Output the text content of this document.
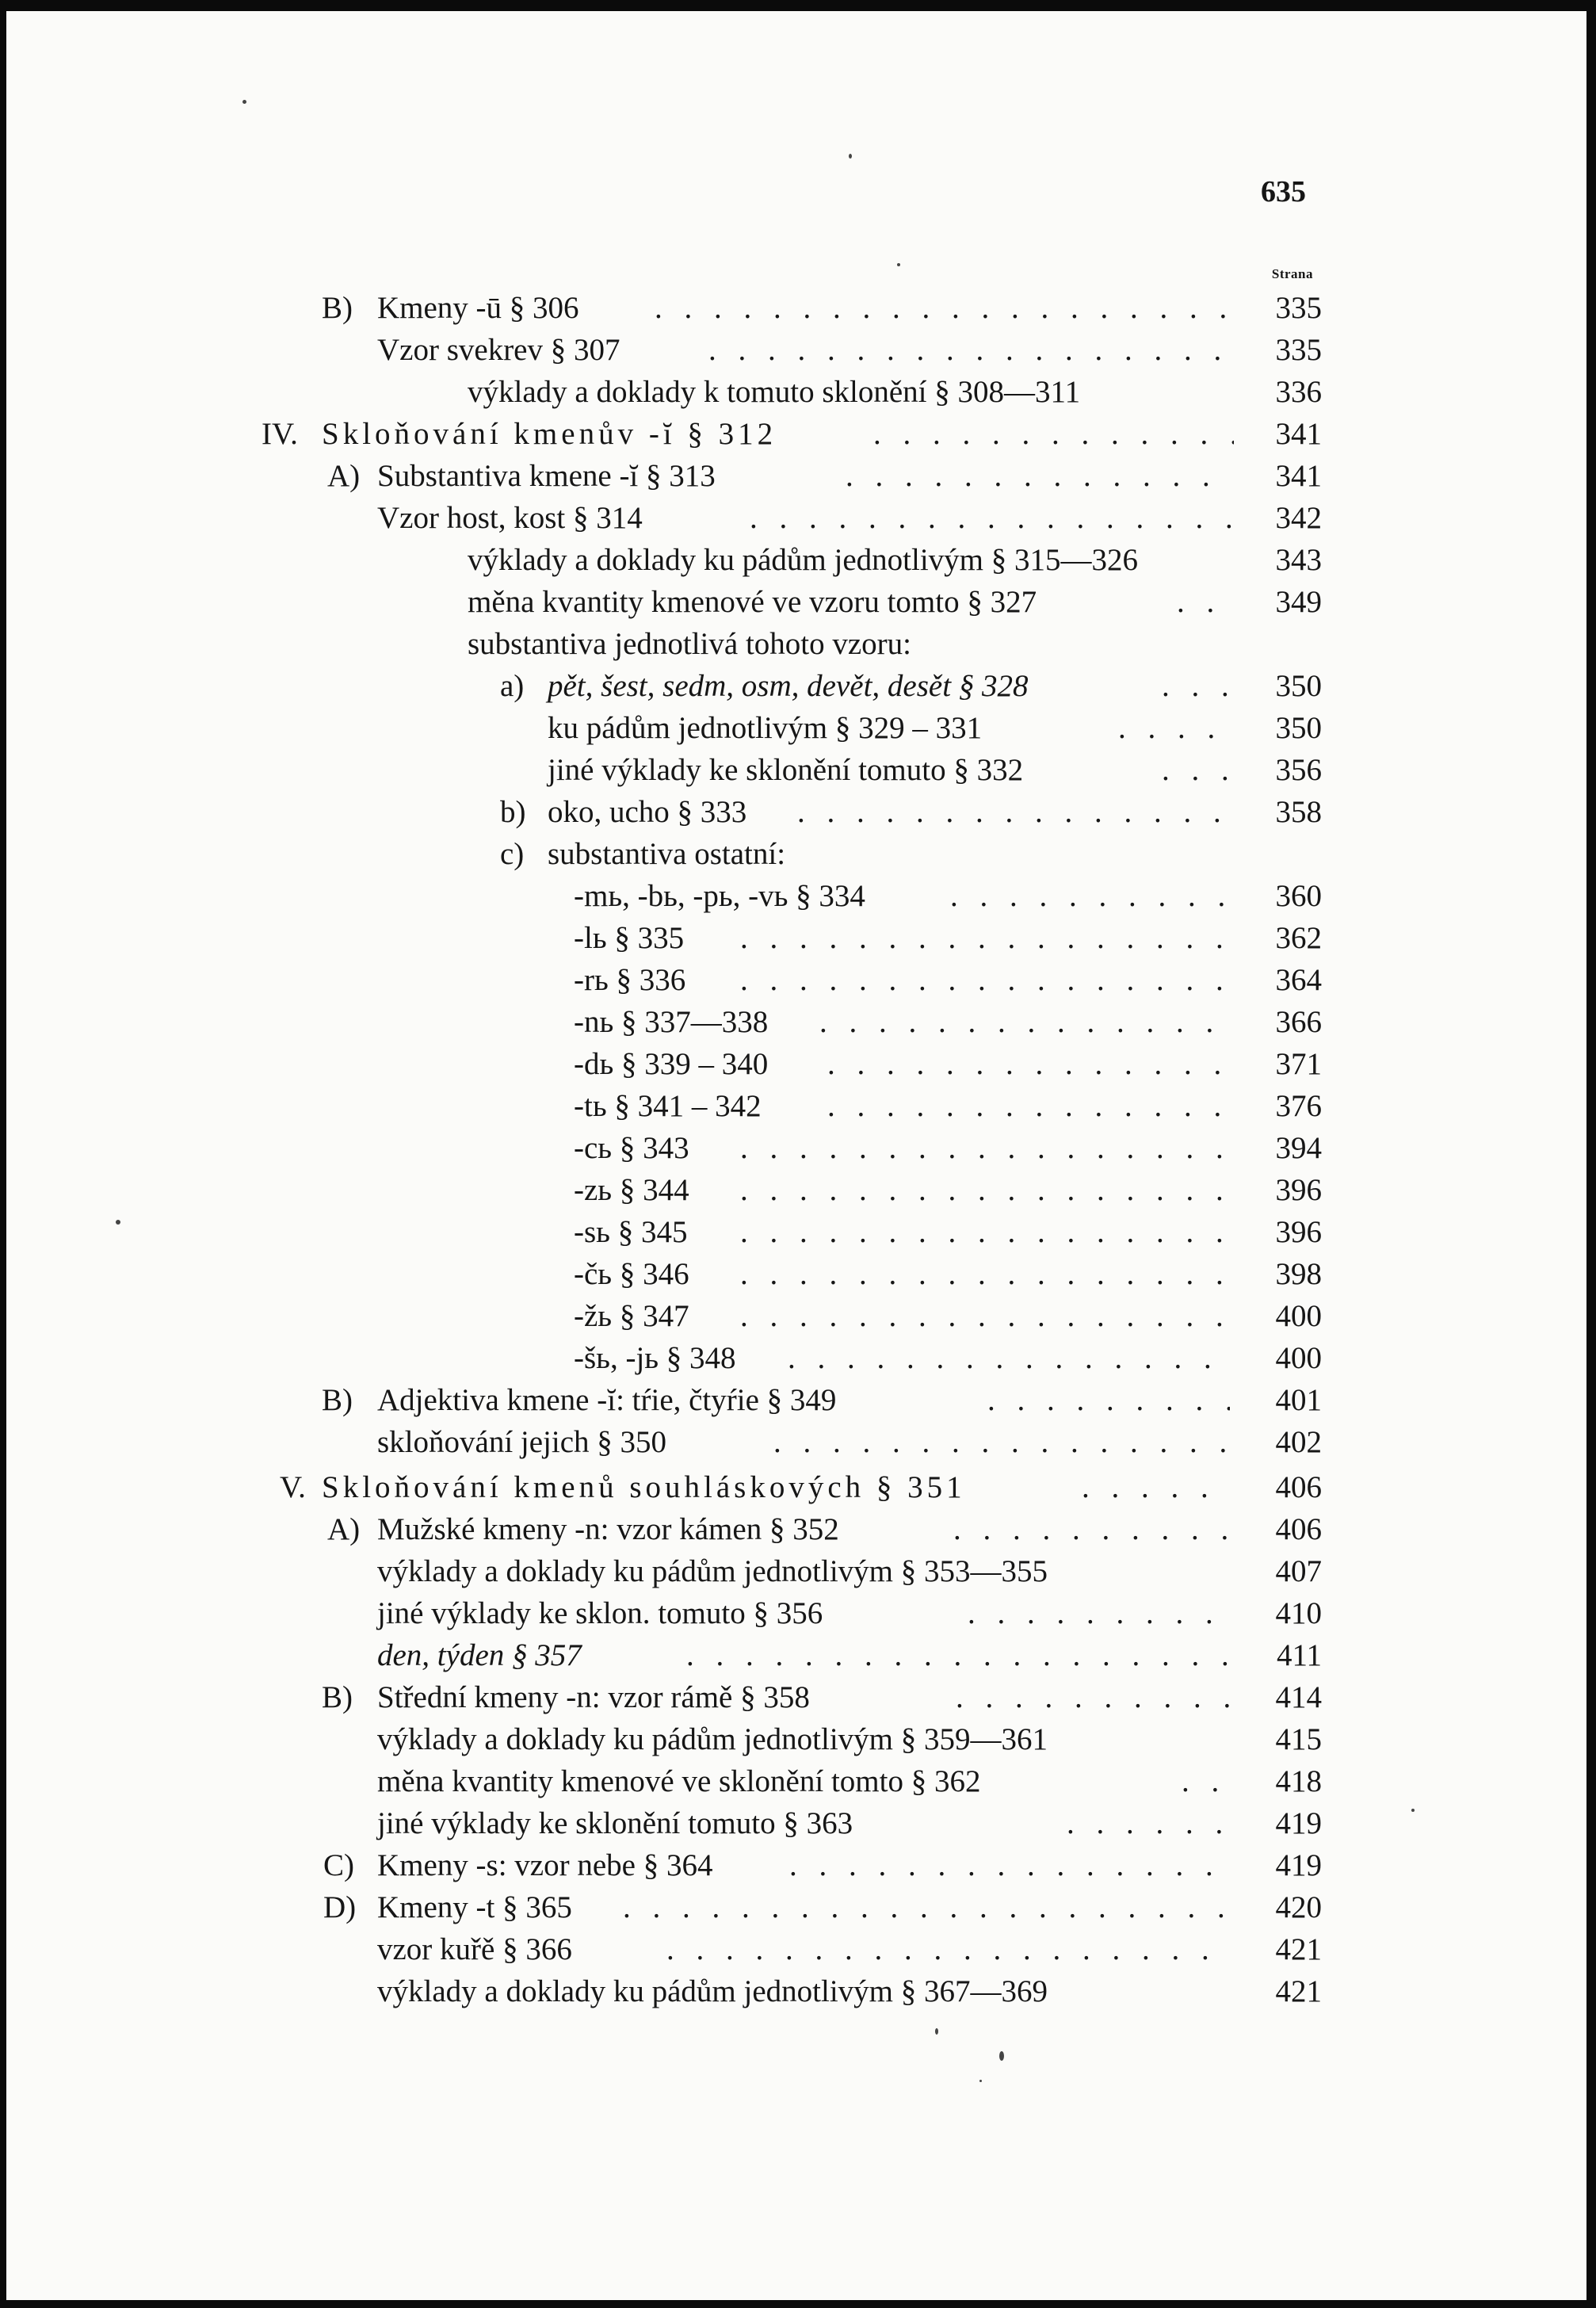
635
Strana
B) Kmeny -ū § 306 . . .	335
Vzor svekrev § 307 . . .	335
výklady a doklady k tomuto sklonění § 308—311	336
IV. Skloňování kmenův -ĭ § 312 . . .	341
A) Substantiva kmene -ĭ § 313 . . .	341
Vzor host, kost § 314 . . .	342
výklady a doklady ku pádům jednotlivým § 315—326	343
měna kvantity kmenové ve vzoru tomto § 327 . . .	349
substantiva jednotlivá tohoto vzoru:
a) pět, šest, sedm, osm, devět, desět § 328 . . .	350
ku pádům jednotlivým § 329 – 331 . . .	350
jiné výklady ke sklonění tomuto § 332 . . .	356
b) oko, ucho § 333 . . .	358
c) substantiva ostatní:
-mь, -bь, -pь, -vь § 334 . . .	360
-lь § 335 . . .	362
-rь § 336 . . .	364
-nь § 337—338 . . .	366
-dь § 339 – 340 . . .	371
-tь § 341 – 342 . . .	376
-cь § 343 . . .	394
-zь § 344 . . .	396
-sь § 345 . . .	396
-čь § 346 . . .	398
-žь § 347 . . .	400
-šь, -jь § 348 . . .	400
B) Adjektiva kmene -ĭ: tŕie, čtyŕie § 349 . . .	401
skloňování jejich § 350 . . .	402
V. Skloňování kmenů souhláskových § 351 . . .	406
A) Mužské kmeny -n: vzor kámen § 352 . . .	406
výklady a doklady ku pádům jednotlivým § 353—355	407
jiné výklady ke sklon. tomuto § 356 . . .	410
den, týden § 357 . . .	411
B) Střední kmeny -n: vzor rámě § 358 . . .	414
výklady a doklady ku pádům jednotlivým § 359—361	415
měna kvantity kmenové ve sklonění tomto § 362 . . .	418
jiné výklady ke sklonění tomuto § 363 . . .	419
C) Kmeny -s: vzor nebe § 364 . . .	419
D) Kmeny -t § 365 . . .	420
vzor kuřě § 366 . . .	421
výklady a doklady ku pádům jednotlivým § 367—369	421
